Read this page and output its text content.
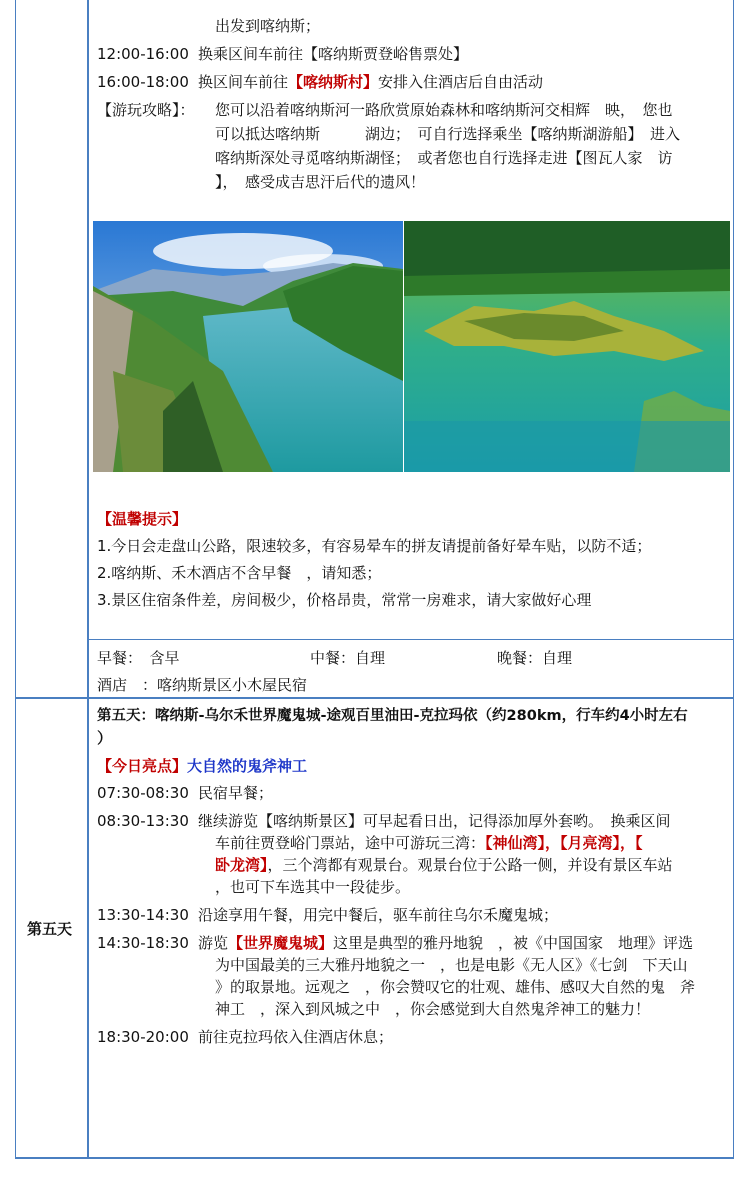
出发到喀纳斯；
12:00-16:00 换乘区间车前往【喀纳斯贾登峪售票处】
16:00-18:00 换区间车前往【喀纳斯村】安排入住酒店后自由活动
【游玩攻略】： 您可以沿着喀纳斯河一路欣赏原始森林和喀纳斯河交相辉　映，　您也
可以抵达喀纳斯　　　湖边；　可自行选择乘坐【喀纳斯湖游船】　进入
喀纳斯深处寻觅喀纳斯湖怪；　或者您也自行选择走进【图瓦人家　访
】，　感受成吉思汗后代的遗风！
【温馨提示】
1.今日会走盘山公路，限速较多，有容易晕车的拼友请提前备好晕车贴，以防不适；
2.喀纳斯、禾木酒店不含早餐　，请知悉；
3.景区住宿条件差，房间极少，价格昂贵，常常一房难求，请大家做好心理
早餐：　含早	中餐：自理	晚餐：自理
酒店　：喀纳斯景区小木屋民宿
第五天
第五天：喀纳斯-乌尔禾世界魔鬼城-途观百里油田-克拉玛依（约280km，行车约4小时左右
）
【今日亮点】大自然的鬼斧神工
07:30-08:30 民宿早餐；
08:30-13:30 继续游览【喀纳斯景区】可早起看日出，记得添加厚外套哟。　换乘区间
车前往贾登峪门票站，途中可游玩三湾：【神仙湾】，【月亮湾】，【
卧龙湾】，三个湾都有观景台。观景台位于公路一侧，并设有景区车站
，也可下车选其中一段徒步。
13:30-14:30 沿途享用午餐，用完中餐后，驱车前往乌尔禾魔鬼城；
14:30-18:30 游览【世界魔鬼城】这里是典型的雅丹地貌　，被《中国国家　地理》评选
为中国最美的三大雅丹地貌之一　，也是电影《无人区》《七剑　下天山
》的取景地。远观之　，你会赞叹它的壮观、雄伟、感叹大自然的鬼　斧
神工　，深入到风城之中　，你会感觉到大自然鬼斧神工的魅力！
18:30-20:00 前往克拉玛依入住酒店休息；
